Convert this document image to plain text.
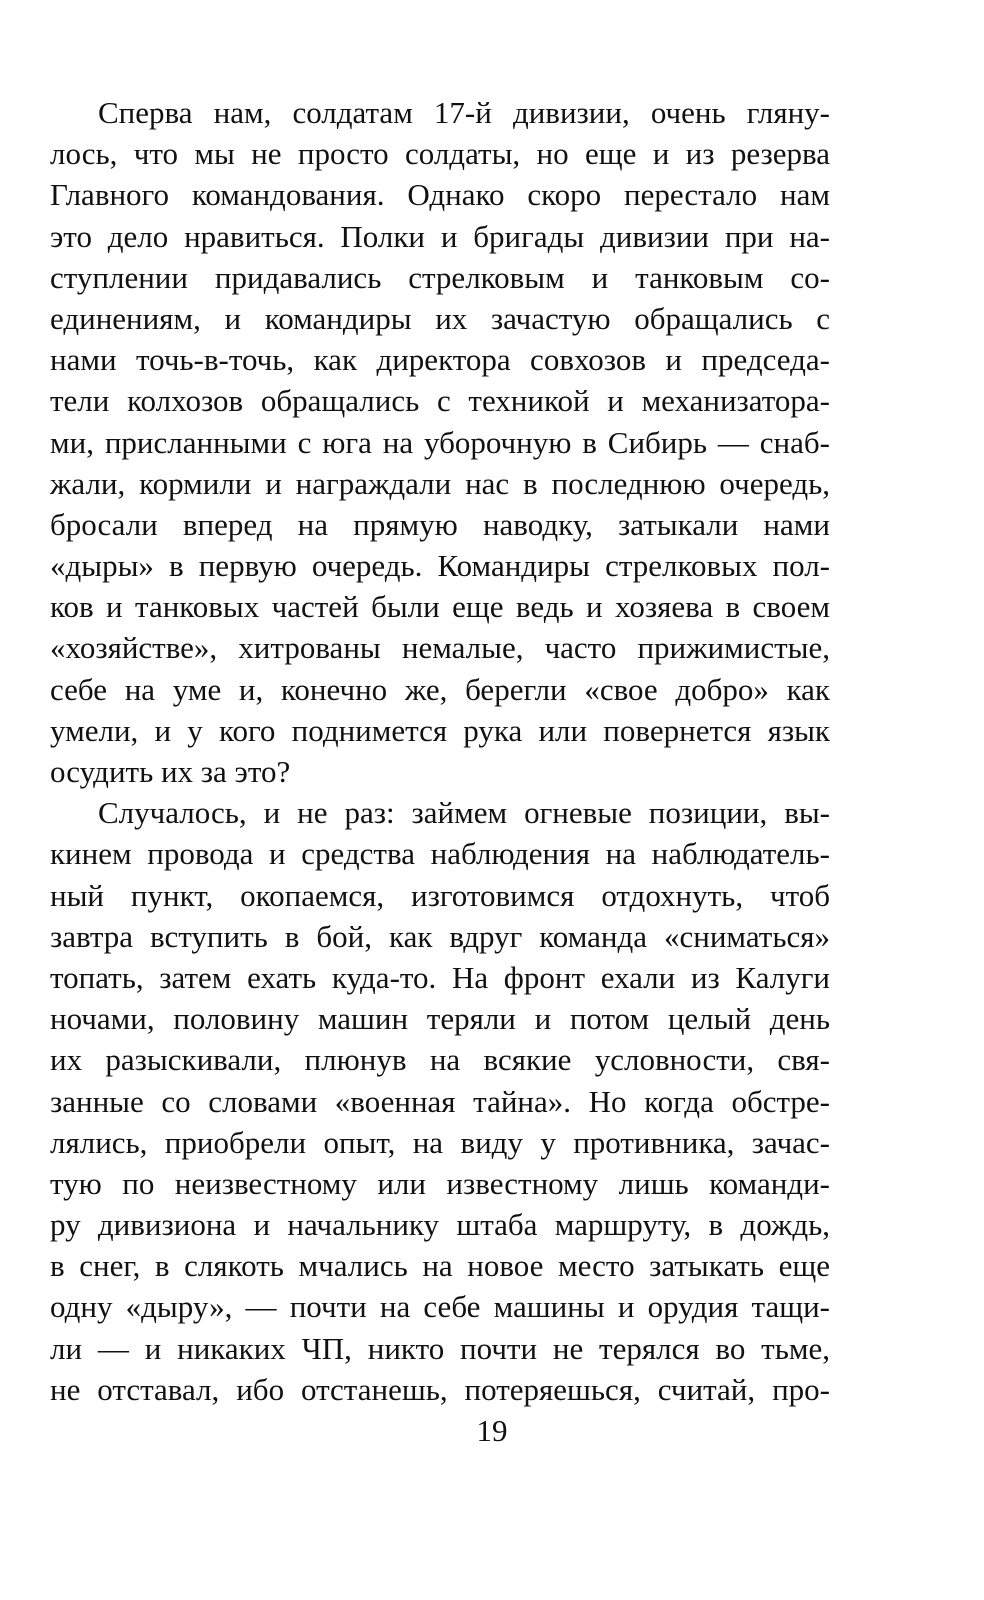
Сперва нам, солдатам 17-й дивизии, очень гляну-
лось, что мы не просто солдаты, но еще и из резерва
Главного командования. Однако скоро перестало нам
это дело нравиться. Полки и бригады дивизии при на-
ступлении придавались стрелковым и танковым со-
единениям, и командиры их зачастую обращались с
нами точь-в-точь, как директора совхозов и председа-
тели колхозов обращались с техникой и механизатора-
ми, присланными с юга на уборочную в Сибирь — снаб-
жали, кормили и награждали нас в последнюю очередь,
бросали вперед на прямую наводку, затыкали нами
«дыры» в первую очередь. Командиры стрелковых пол-
ков и танковых частей были еще ведь и хозяева в своем
«хозяйстве», хитрованы немалые, часто прижимистые,
себе на уме и, конечно же, берегли «свое добро» как
умели, и у кого поднимется рука или повернется язык
осудить их за это?

Случалось, и не раз: займем огневые позиции, вы-
кинем провода и средства наблюдения на наблюдатель-
ный пункт, окопаемся, изготовимся отдохнуть, чтоб
завтра вступить в бой, как вдруг команда «сниматься»
топать, затем ехать куда-то. На фронт ехали из Калуги
ночами, половину машин теряли и потом целый день
их разыскивали, плюнув на всякие условности, свя-
занные со словами «военная тайна». Но когда обстре-
лялись, приобрели опыт, на виду у противника, зачас-
тую по неизвестному или известному лишь команди-
ру дивизиона и начальнику штаба маршруту, в дождь,
в снег, в слякоть мчались на новое место затыкать еще
одну «дыру», — почти на себе машины и орудия тащи-
ли — и никаких ЧП, никто почти не терялся во тьме,
не отставал, ибо отстанешь, потеряешься, считай, про-

19
